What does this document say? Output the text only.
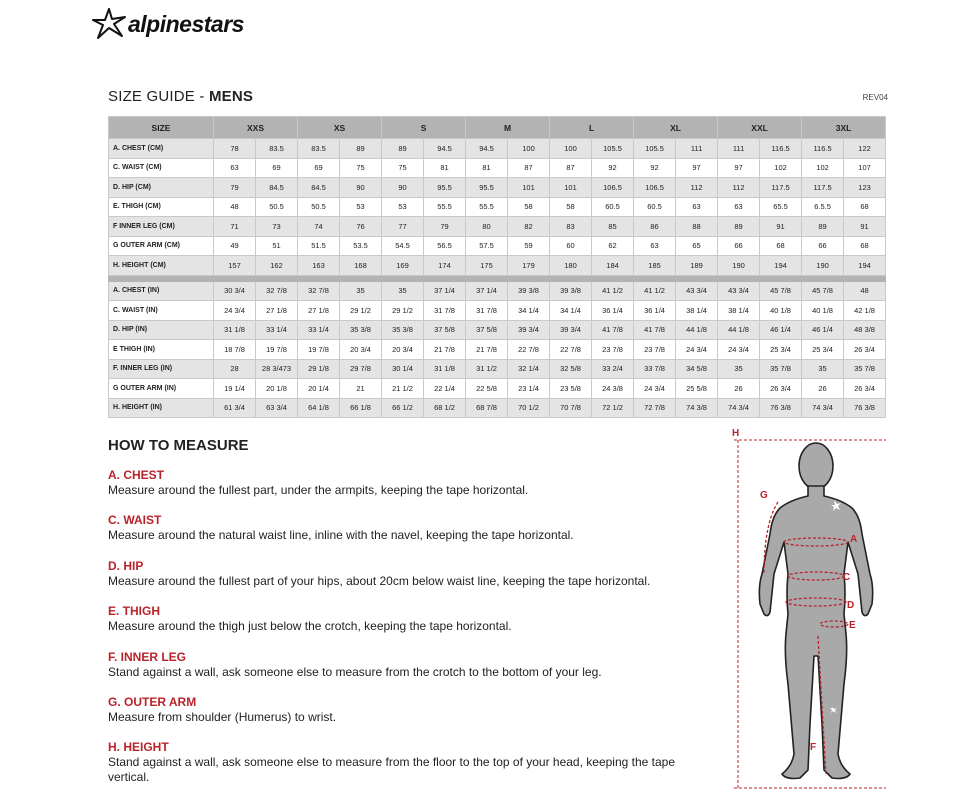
alpinestars
SIZE GUIDE - MENS	REV04
SIZE	XXS		XS		S		M		L		XL		XXL		3XL	
A. CHEST (CM)	78	83.5	83.5	89	89	94.5	94.5	100	100	105.5	105.5	111	111	116.5	116.5	122
C. WAIST (CM)	63	69	69	75	75	81	81	87	87	92	92	97	97	102	102	107
D. HIP (CM)	79	84.5	84.5	90	90	95.5	95.5	101	101	106.5	106.5	112	112	117.5	117.5	123
E. THIGH (CM)	48	50.5	50.5	53	53	55.5	55.5	58	58	60.5	60.5	63	63	65.5	6.5.5	68
F INNER LEG (CM)	71	73	74	76	77	79	80	82	83	85	86	88	89	91	89	91
G OUTER ARM (CM)	49	51	51.5	53.5	54.5	56.5	57.5	59	60	62	63	65	66	68	66	68
H. HEIGHT (CM)	157	162	163	168	169	174	175	179	180	184	185	189	190	194	190	194

A. CHEST (IN)	30 3/4	32 7/8	32 7/8	35	35	37 1/4	37 1/4	39 3/8	39 3/8	41 1/2	41 1/2	43 3/4	43 3/4	45 7/8	45 7/8	48
C. WAIST (IN)	24 3/4	27 1/8	27 1/8	29 1/2	29 1/2	31 7/8	31 7/8	34 1/4	34 1/4	36 1/4	36 1/4	38 1/4	38 1/4	40 1/8	40 1/8	42 1/8
D. HIP (IN)	31 1/8	33 1/4	33 1/4	35 3/8	35 3/8	37 5/8	37 5/8	39 3/4	39 3/4	41 7/8	41 7/8	44 1/8	44 1/8	46 1/4	46 1/4	48 3/8
E THIGH (IN)	18 7/8	19 7/8	19 7/8	20 3/4	20 3/4	21 7/8	21 7/8	22 7/8	22 7/8	23 7/8	23 7/8	24 3/4	24 3/4	25 3/4	25 3/4	26 3/4
F. INNER LEG (IN)	28	28 3/473	29 1/8	29 7/8	30 1/4	31 1/8	31 1/2	32 1/4	32 5/8	33 2/4	33 7/8	34 5/8	35	35 7/8	35	35 7/8
G OUTER ARM (IN)	19 1/4	20 1/8	20 1/4	21	21 1/2	22 1/4	22 5/8	23 1/4	23 5/8	24 3/8	24 3/4	25 5/8	26	26 3/4	26	26 3/4
H. HEIGHT (IN)	61 3/4	63 3/4	64 1/8	66 1/8	66 1/2	68 1/2	68 7/8	70 1/2	70 7/8	72 1/2	72 7/8	74 3/8	74 3/4	76 3/8	74 3/4	76 3/8
HOW TO MEASURE
A. CHEST
Measure around the fullest part, under the armpits, keeping the tape horizontal.
C. WAIST
Measure around the natural waist line, inline with the navel, keeping the tape horizontal.
D. HIP
Measure around the fullest part of your hips, about 20cm below waist line, keeping the tape horizontal.
E. THIGH
Measure around the thigh just below the crotch, keeping the tape horizontal.
F. INNER LEG
Stand against a wall, ask someone else to measure from the crotch to the bottom of your leg.
G. OUTER ARM
Measure from shoulder (Humerus) to wrist.
H. HEIGHT
Stand against a wall, ask someone else to measure from the floor to the top of your head, keeping the tape vertical.
H
G
A
C
D
E
F
